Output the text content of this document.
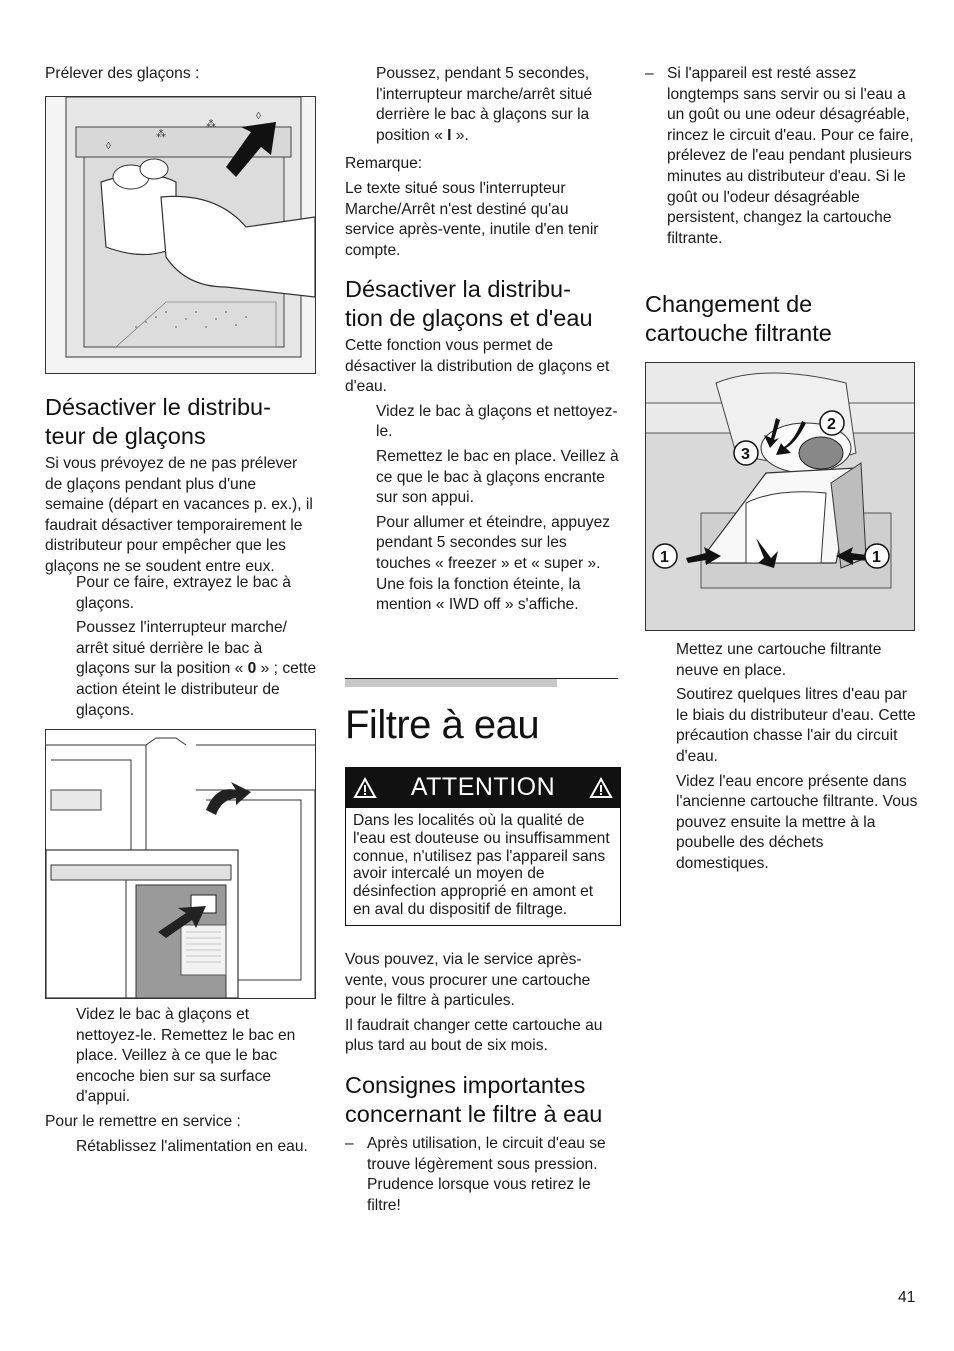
Prélever des glaçons :

◊
⁂
⁂
◊
Désactiver le distribu-
teur de glaçons

Si vous prévoyez de ne pas prélever de glaçons pendant plus d'une semaine (départ en vacances p. ex.), il faudrait désactiver temporairement le distributeur pour empêcher que les glaçons ne se soudent entre eux.

Pour ce faire, extrayez le bac à glaçons.

Poussez l'interrupteur marche/ arrêt situé derrière le bac à glaçons sur la position « 0 » ; cette action éteint le distributeur de glaçons.

Videz le bac à glaçons et nettoyez-le. Remettez le bac en place. Veillez à ce que le bac encoche bien sur sa surface d'appui.

Pour le remettre en service :

Rétablissez l'alimentation en eau.

Poussez, pendant 5 secondes, l'interrupteur marche/arrêt situé derrière le bac à glaçons sur la position « I ».

Remarque:

Le texte situé sous l'interrupteur Marche/Arrêt n'est destiné qu'au service après-vente, inutile d'en tenir compte.

Désactiver la distribu-
tion de glaçons et d'eau

Cette fonction vous permet de désactiver la distribution de glaçons et d'eau.

Videz le bac à glaçons et nettoyez-le.

Remettez le bac en place. Veillez à ce que le bac à glaçons encrante sur son appui.

Pour allumer et éteindre, appuyez pendant 5 secondes sur les touches « freezer » et « super ». Une fois la fonction éteinte, la mention « IWD off » s'affiche.

Filtre à eau
ATTENTION
Dans les localités où la qualité de l'eau est douteuse ou insuffisamment connue, n'utilisez pas l'appareil sans avoir intercalé un moyen de désinfection approprié en amont et en aval du dispositif de filtrage.

Vous pouvez, via le service après-vente, vous procurer une cartouche pour le filtre à particules.

Il faudrait changer cette cartouche au plus tard au bout de six mois.

Consignes importantes
concernant le filtre à eau
– Après utilisation, le circuit d'eau se trouve légèrement sous pression. Prudence lorsque vous retirez le filtre!

– Si l'appareil est resté assez longtemps sans servir ou si l'eau a un goût ou une odeur désagréable, rincez le circuit d'eau. Pour ce faire, prélevez de l'eau pendant plusieurs minutes au distributeur d'eau. Si le goût ou l'odeur désagréable persistent, changez la cartouche filtrante.

Changement de
cartouche filtrante
2
3
1	1

Mettez une cartouche filtrante neuve en place.

Soutirez quelques litres d'eau par le biais du distributeur d'eau. Cette précaution chasse l'air du circuit d'eau.

Videz l'eau encore présente dans l'ancienne cartouche filtrante. Vous pouvez ensuite la mettre à la poubelle des déchets domestiques.

41
